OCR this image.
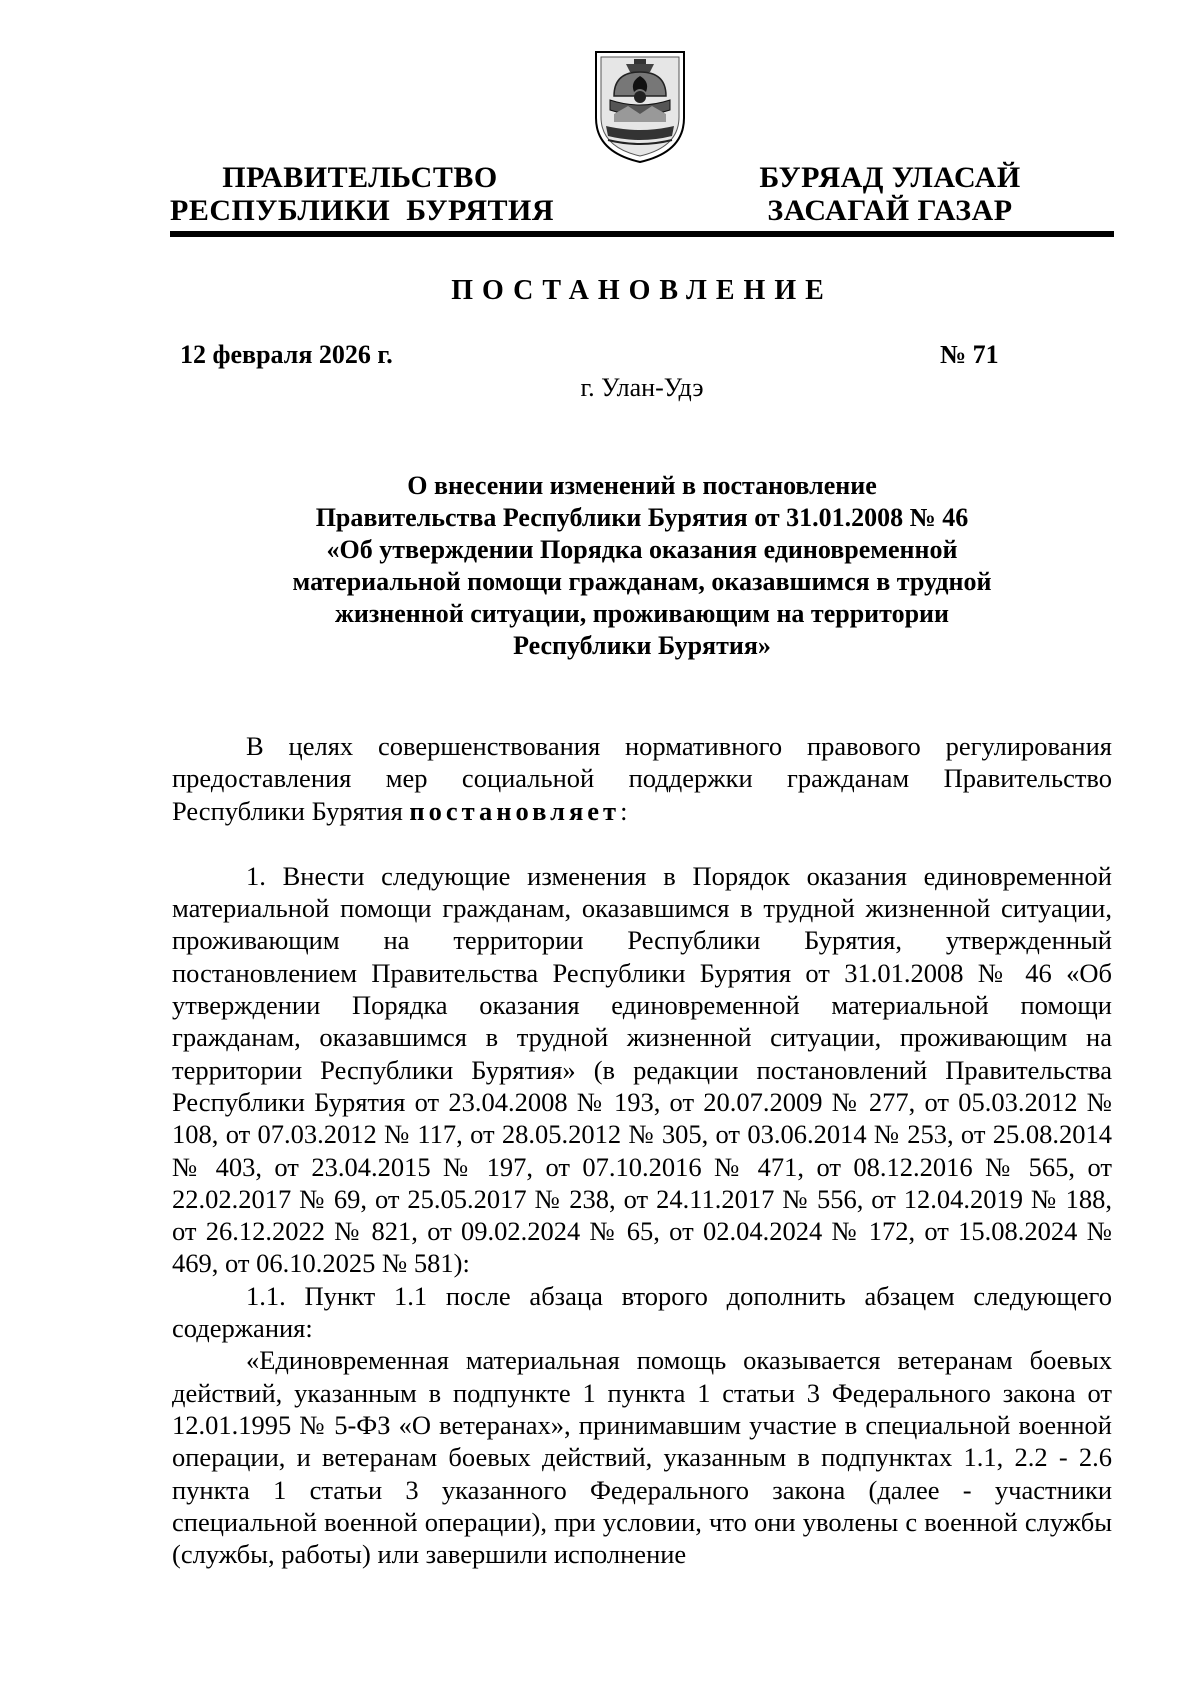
ПРАВИТЕЛЬСТВО
РЕСПУБЛИКИ  БУРЯТИЯ
БУРЯАД УЛАСАЙ
ЗАСАГАЙ ГАЗАР
ПОСТАНОВЛЕНИЕ
12 февраля 2026 г.	№ 71
г. Улан-Удэ
О внесении изменений в постановление
Правительства Республики Бурятия от 31.01.2008 № 46
«Об утверждении Порядка оказания единовременной
материальной помощи гражданам, оказавшимся в трудной
жизненной ситуации, проживающим на территории
Республики Бурятия»

В целях совершенствования нормативного правового регулирования предоставления мер социальной поддержки гражданам Правительство Республики Бурятия постановляет:

1. Внести следующие изменения в Порядок оказания единовременной материальной помощи гражданам, оказавшимся в трудной жизненной ситуации, проживающим на территории Республики Бурятия, утвержденный постановлением Правительства Республики Бурятия от 31.01.2008 № 46 «Об утверждении Порядка оказания единовременной материальной помощи гражданам, оказавшимся в трудной жизненной ситуации, проживающим на территории Республики Бурятия» (в редакции постановлений Правительства Республики Бурятия от 23.04.2008 № 193, от 20.07.2009 № 277, от 05.03.2012 № 108, от 07.03.2012 № 117, от 28.05.2012 № 305, от 03.06.2014 № 253, от 25.08.2014 № 403, от 23.04.2015 № 197, от 07.10.2016 № 471, от 08.12.2016 № 565, от 22.02.2017 № 69, от 25.05.2017 № 238, от 24.11.2017 № 556, от 12.04.2019 № 188, от 26.12.2022 № 821, от 09.02.2024 № 65, от 02.04.2024 № 172, от 15.08.2024 № 469, от 06.10.2025 № 581):

1.1. Пункт 1.1 после абзаца второго дополнить абзацем следующего содержания:

«Единовременная материальная помощь оказывается ветеранам боевых действий, указанным в подпункте 1 пункта 1 статьи 3 Федерального закона от 12.01.1995 № 5-ФЗ «О ветеранах», принимавшим участие в специальной военной операции, и ветеранам боевых действий, указанным в подпунктах 1.1, 2.2 - 2.6 пункта 1 статьи 3 указанного Федерального закона (далее - участники специальной военной операции), при условии, что они уволены с военной службы (службы, работы) или завершили исполнение
